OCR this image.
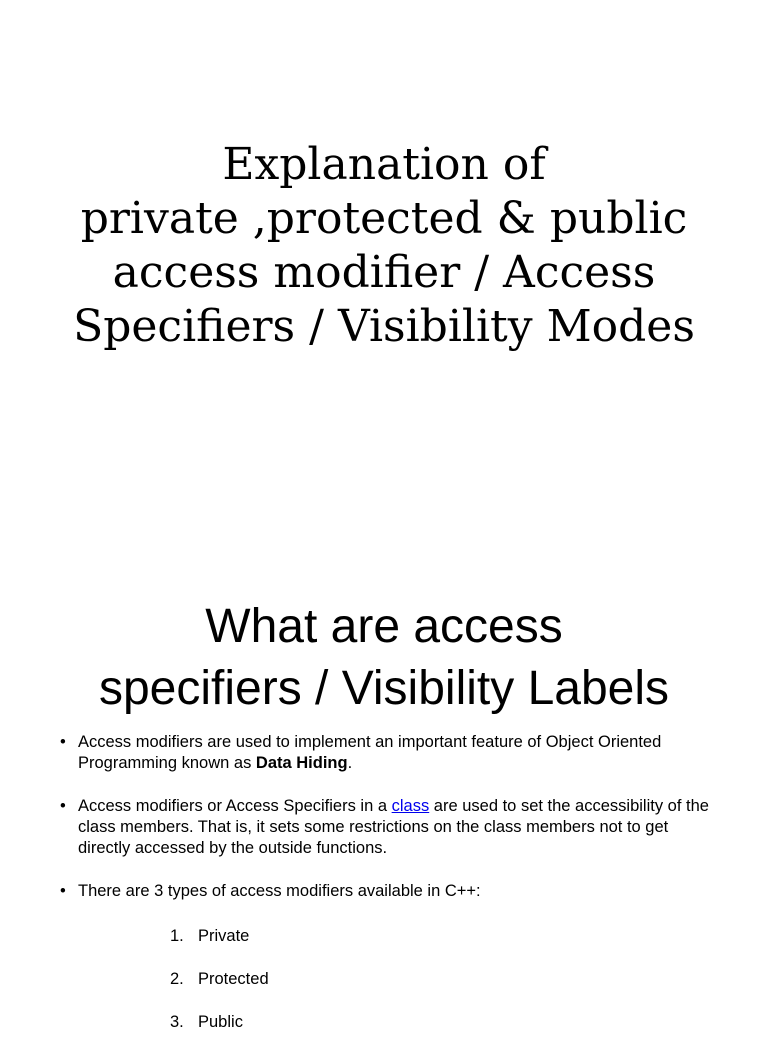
Explanation of
private ,protected & public
access modifier / Access
Specifiers / Visibility Modes
What are access
specifiers / Visibility Labels
• Access modifiers are used to implement an important feature of Object Oriented Programming known as Data Hiding.
• Access modifiers or Access Specifiers in a class are used to set the accessibility of the class members. That is, it sets some restrictions on the class members not to get directly accessed by the outside functions.
• There are 3 types of access modifiers available in C++:
1. Private
2. Protected
3. Public
